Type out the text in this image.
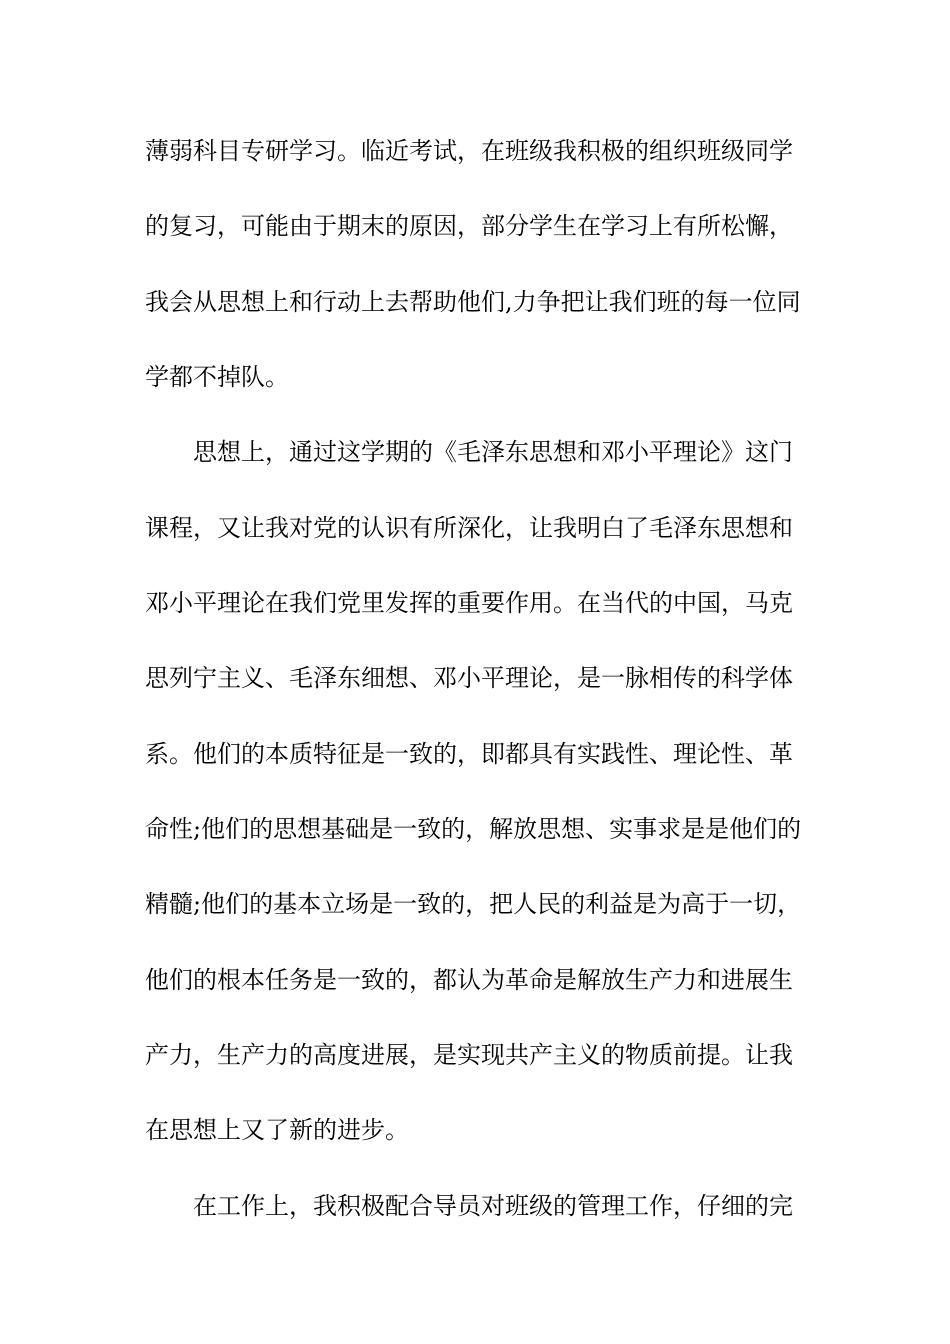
薄弱科目专研学习。临近考试，在班级我积极的组织班级同学
的复习，可能由于期末的原因，部分学生在学习上有所松懈，
我会从思想上和行动上去帮助他们,力争把让我们班的每一位同
学都不掉队。
思想上，通过这学期的《毛泽东思想和邓小平理论》这门
课程，又让我对党的认识有所深化，让我明白了毛泽东思想和
邓小平理论在我们党里发挥的重要作用。在当代的中国，马克
思列宁主义、毛泽东细想、邓小平理论，是一脉相传的科学体
系。他们的本质特征是一致的，即都具有实践性、理论性、革
命性;他们的思想基础是一致的，解放思想、实事求是是他们的
精髓;他们的基本立场是一致的，把人民的利益是为高于一切，
他们的根本任务是一致的，都认为革命是解放生产力和进展生
产力，生产力的高度进展，是实现共产主义的物质前提。让我
在思想上又了新的进步。
在工作上，我积极配合导员对班级的管理工作，仔细的完
